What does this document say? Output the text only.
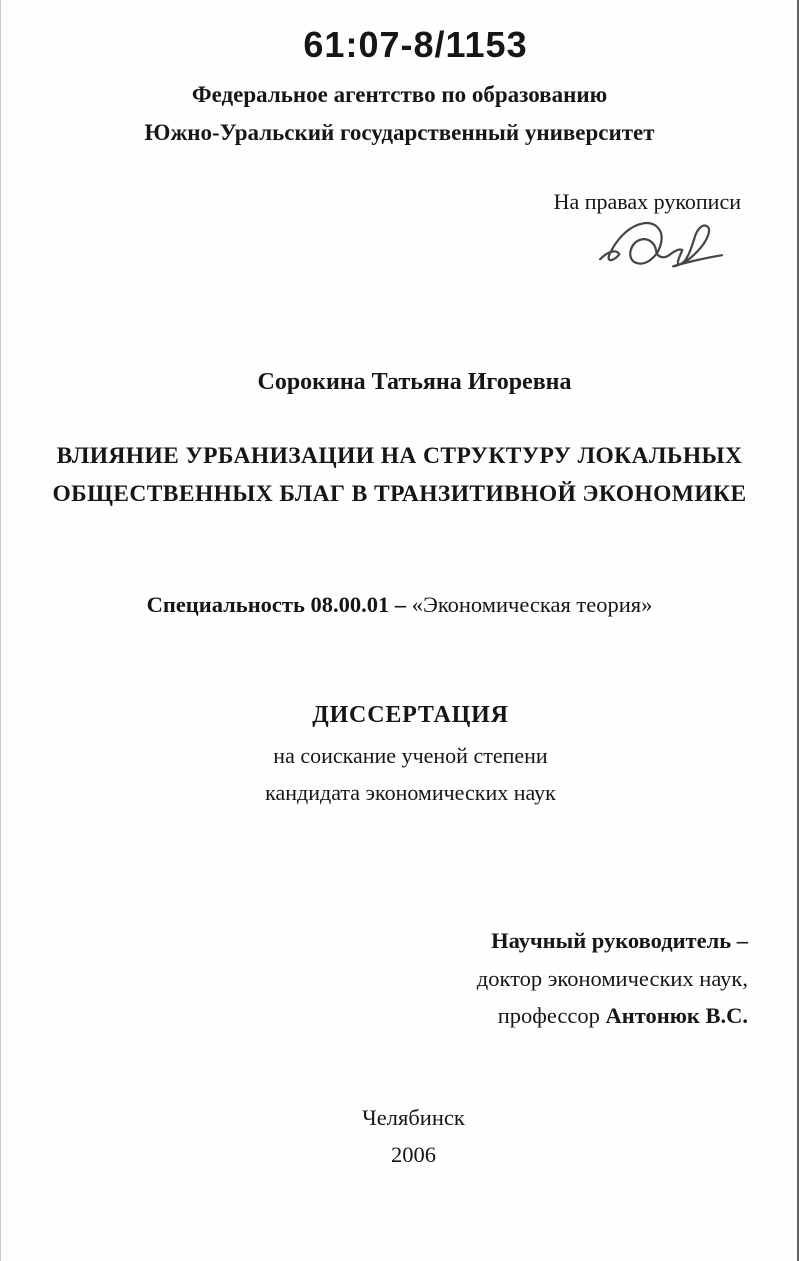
61:07-8/1153
Федеральное агентство по образованию
Южно-Уральский государственный университет
На правах рукописи
Сорокина Татьяна Игоревна
ВЛИЯНИЕ УРБАНИЗАЦИИ НА СТРУКТУРУ ЛОКАЛЬНЫХ
ОБЩЕСТВЕННЫХ БЛАГ В ТРАНЗИТИВНОЙ ЭКОНОМИКЕ
Специальность 08.00.01 – «Экономическая теория»
ДИССЕРТАЦИЯ
на соискание ученой степени
кандидата экономических наук
Научный руководитель –
доктор экономических наук,
профессор Антонюк В.С.
Челябинск
2006
